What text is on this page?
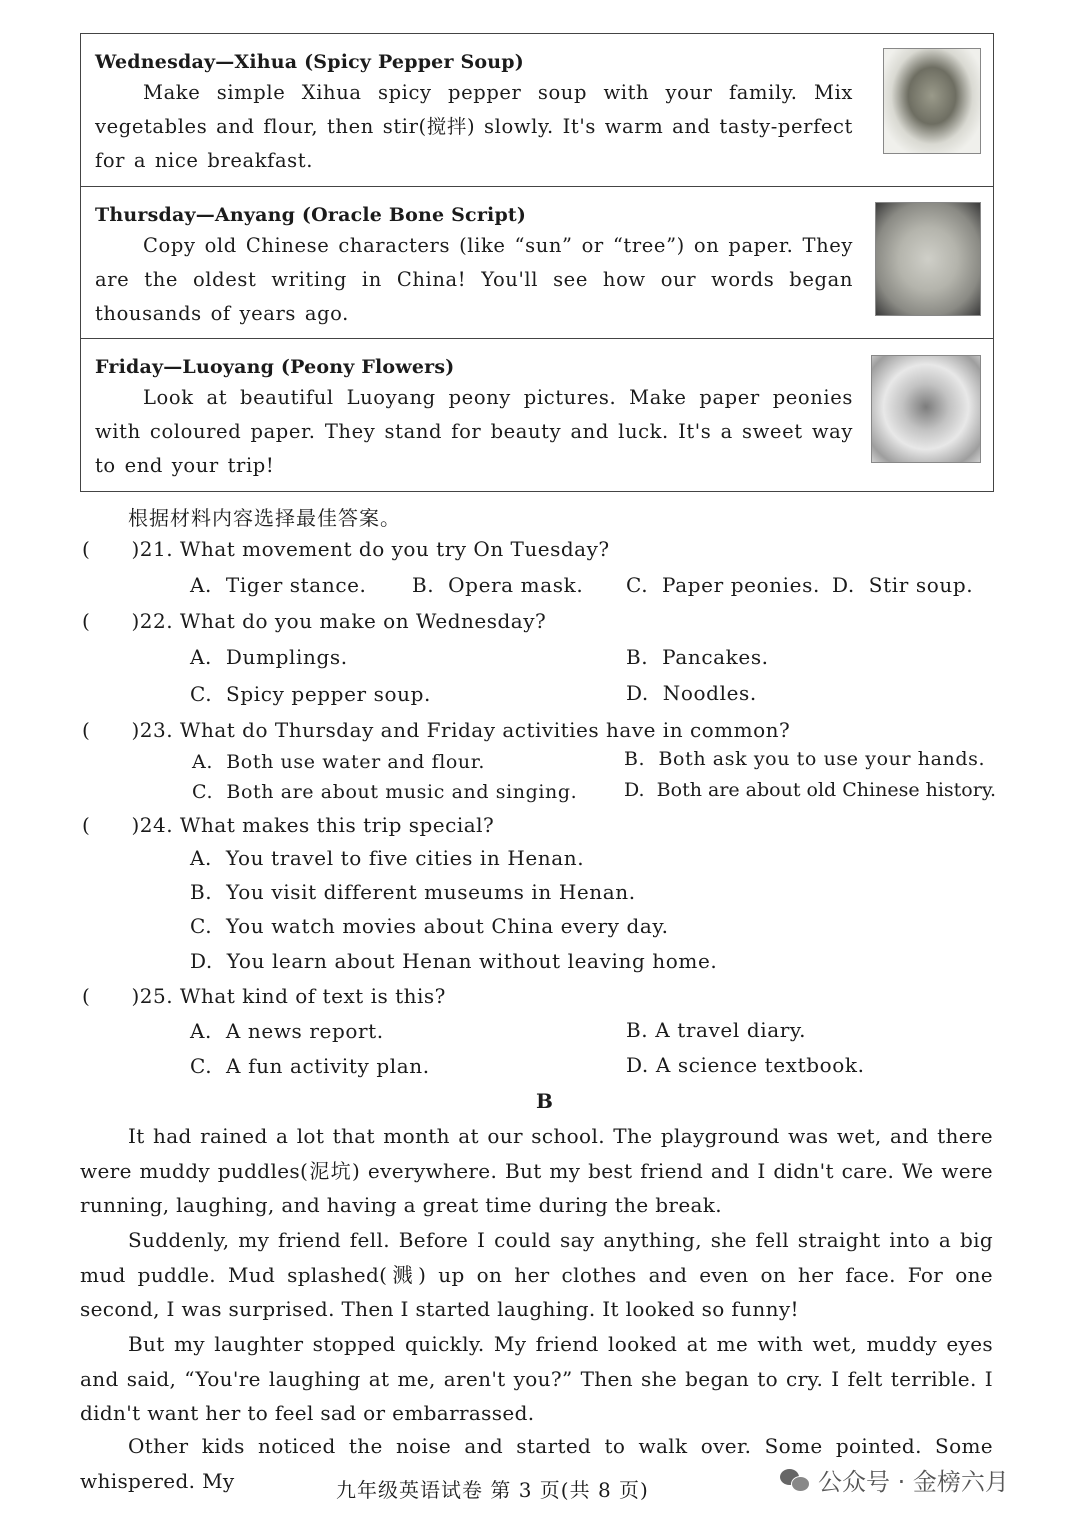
Wednesday—Xihua (Spicy Pepper Soup)
Make simple Xihua spicy pepper soup with your family. Mix vegetables and flour, then stir(搅拌) slowly. It's warm and tasty-perfect for a nice breakfast.
Thursday—Anyang (Oracle Bone Script)
Copy old Chinese characters (like “sun” or “tree”) on paper. They are the oldest writing in China! You'll see how our words began thousands of years ago.
Friday—Luoyang (Peony Flowers)
Look at beautiful Luoyang peony pictures. Make paper peonies with coloured paper. They stand for beauty and luck. It's a sweet way to end your trip!
根据材料内容选择最佳答案。
(      )21. What movement do you try On Tuesday?
A.  Tiger stance. B.  Opera mask. C.  Paper peonies. D.  Stir soup.
(      )22. What do you make on Wednesday?
A.  Dumplings.	B.  Pancakes.
C.  Spicy pepper soup.	D.  Noodles.
(      )23. What do Thursday and Friday activities have in common?
A.  Both use water and flour.	B.  Both ask you to use your hands.
C.  Both are about music and singing. D.  Both are about old Chinese history.
(      )24. What makes this trip special?
A.  You travel to five cities in Henan.
B.  You visit different museums in Henan.
C.  You watch movies about China every day.
D.  You learn about Henan without leaving home.
(      )25. What kind of text is this?
A.  A news report.	B. A travel diary.
C.  A fun activity plan.	D. A science textbook.
B
It had rained a lot that month at our school. The playground was wet, and there were muddy puddles(泥坑) everywhere. But my best friend and I didn't care. We were running, laughing, and having a great time during the break.
Suddenly, my friend fell. Before I could say anything, she fell straight into a big mud puddle. Mud splashed(溅) up on her clothes and even on her face. For one second, I was surprised. Then I started laughing. It looked so funny!
But my laughter stopped quickly. My friend looked at me with wet, muddy eyes and said, “You're laughing at me, aren't you?” Then she began to cry. I felt terrible. I didn't want her to feel sad or embarrassed.
Other kids noticed the noise and started to walk over. Some pointed. Some whispered. My	九年级英语试卷 第 3 页(共 8 页)	公众号 · 金榜六月
